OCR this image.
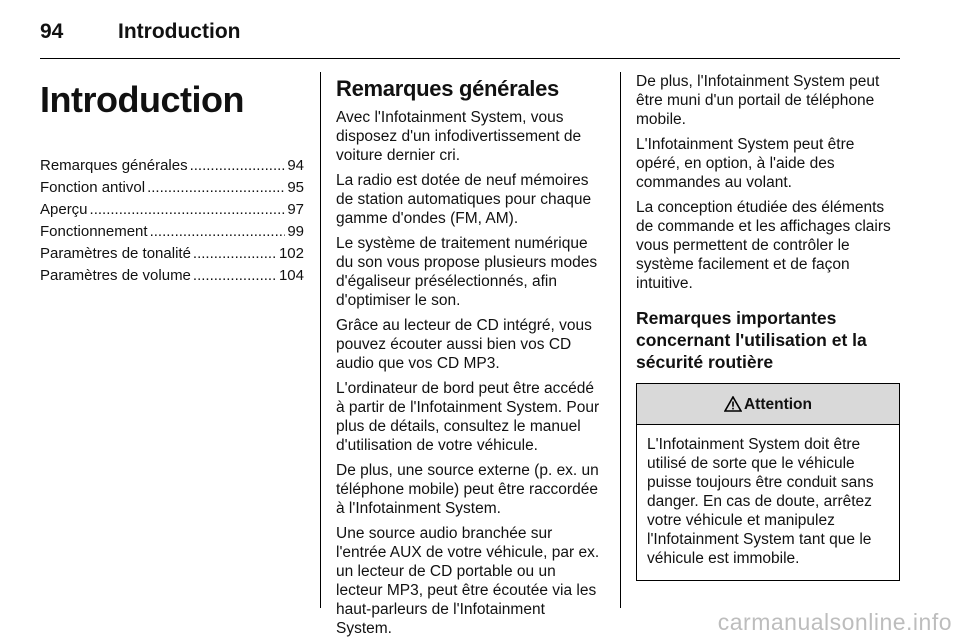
94	Introduction
Introduction
Remarques générales .....	94
Fonction antivol .....	95
Aperçu .....	97
Fonctionnement .....	99
Paramètres de tonalité .....	102
Paramètres de volume .....	104
Remarques générales

Avec l'Infotainment System, vous disposez d'un infodivertissement de voiture dernier cri.

La radio est dotée de neuf mémoires de station automatiques pour chaque gamme d'ondes (FM, AM).

Le système de traitement numérique du son vous propose plusieurs modes d'égaliseur présélectionnés, afin d'optimiser le son.

Grâce au lecteur de CD intégré, vous pouvez écouter aussi bien vos CD audio que vos CD MP3.

L'ordinateur de bord peut être accédé à partir de l'Infotainment System. Pour plus de détails, consultez le manuel d'utilisation de votre véhicule.

De plus, une source externe (p. ex. un téléphone mobile) peut être raccordée à l'Infotainment System.

Une source audio branchée sur l'entrée AUX de votre véhicule, par ex. un lecteur de CD portable ou un lecteur MP3, peut être écoutée via les haut-parleurs de l'Infotainment System.

De plus, l'Infotainment System peut être muni d'un portail de téléphone mobile.

L'Infotainment System peut être opéré, en option, à l'aide des commandes au volant.

La conception étudiée des éléments de commande et les affichages clairs vous permettent de contrôler le système facilement et de façon intuitive.

Remarques importantes concernant l'utilisation et la sécurité routière
Attention
L'Infotainment System doit être utilisé de sorte que le véhicule puisse toujours être conduit sans danger. En cas de doute, arrêtez votre véhicule et manipulez l'Infotainment System tant que le véhicule est immobile.
carmanualsonline.info
